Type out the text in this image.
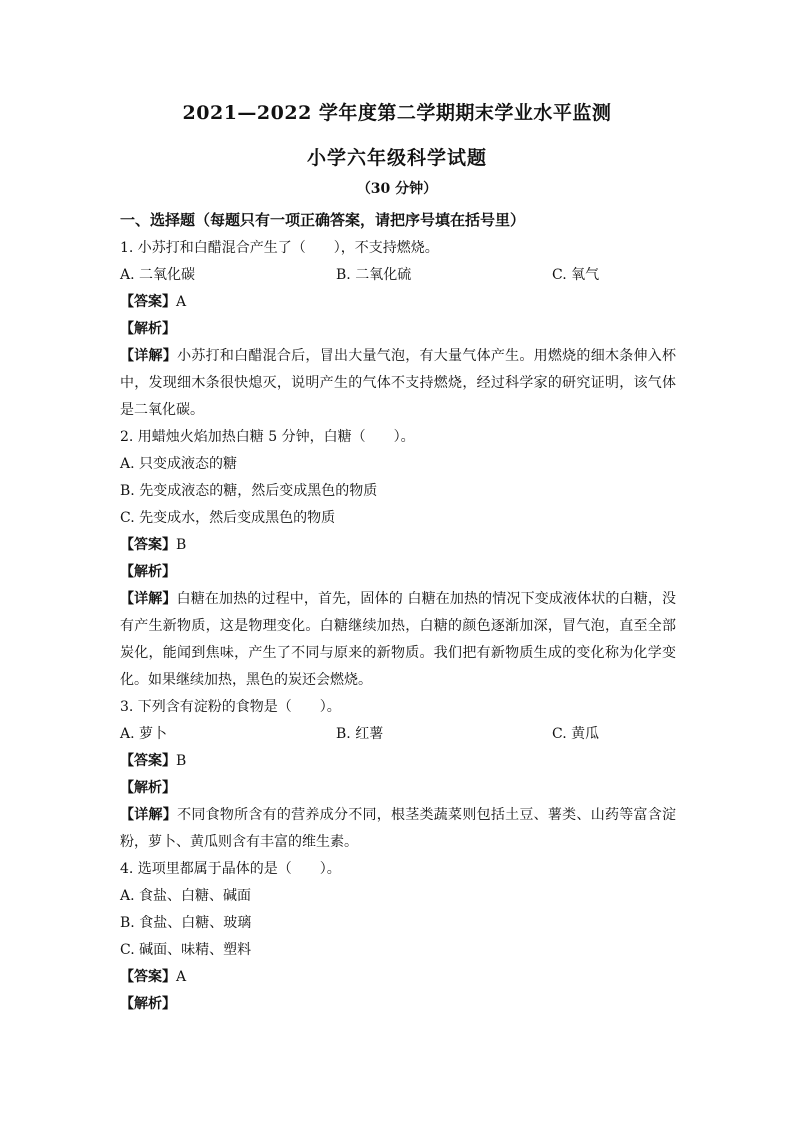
2021—2022 学年度第二学期期末学业水平监测
小学六年级科学试题
（30 分钟）

一、选择题（每题只有一项正确答案，请把序号填在括号里）

1. 小苏打和白醋混合产生了（　　），不支持燃烧。

A. 二氧化碳	B. 二氧化硫	C. 氧气

【答案】A

【解析】

【详解】小苏打和白醋混合后，冒出大量气泡，有大量气体产生。用燃烧的细木条伸入杯中，发现细木条很快熄灭，说明产生的气体不支持燃烧，经过科学家的研究证明，该气体是二氧化碳。

2. 用蜡烛火焰加热白糖 5 分钟，白糖（　　）。

A. 只变成液态的糖

B. 先变成液态的糖，然后变成黑色的物质

C. 先变成水，然后变成黑色的物质

【答案】B

【解析】

【详解】白糖在加热的过程中，首先，固体的 白糖在加热的情况下变成液体状的白糖，没有产生新物质，这是物理变化。白糖继续加热，白糖的颜色逐渐加深，冒气泡，直至全部炭化，能闻到焦味，产生了不同与原来的新物质。我们把有新物质生成的变化称为化学变化。如果继续加热，黑色的炭还会燃烧。

3. 下列含有淀粉的食物是（　　）。

A. 萝卜	B. 红薯	C. 黄瓜

【答案】B

【解析】

【详解】不同食物所含有的营养成分不同，根茎类蔬菜则包括土豆、薯类、山药等富含淀粉，萝卜、黄瓜则含有丰富的维生素。

4. 选项里都属于晶体的是（　　）。

A. 食盐、白糖、碱面

B. 食盐、白糖、玻璃

C. 碱面、味精、塑料

【答案】A

【解析】
